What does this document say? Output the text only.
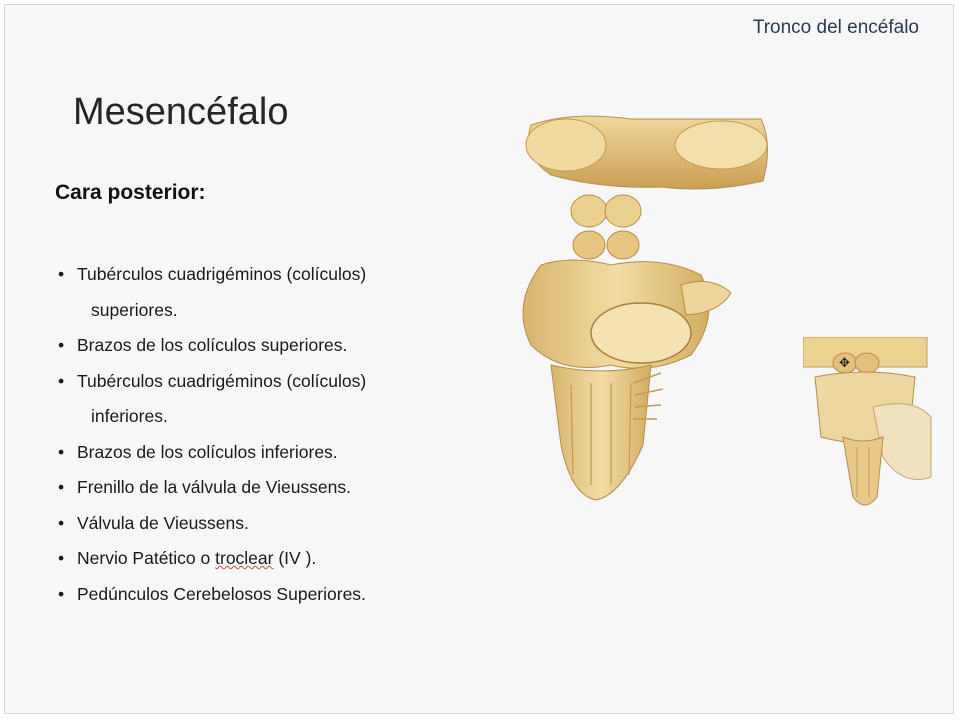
Tronco del encéfalo
Mesencéfalo
Cara posterior:
• Tubérculos cuadrigéminos (colículos)
superiores.
• Brazos de los colículos superiores.
• Tubérculos cuadrigéminos (colículos)
inferiores.
• Brazos de los colículos inferiores.
• Frenillo de la válvula de Vieussens.
• Válvula de Vieussens.
• Nervio Patético o troclear (IV ).
• Pedúnculos Cerebelosos Superiores.
✥
